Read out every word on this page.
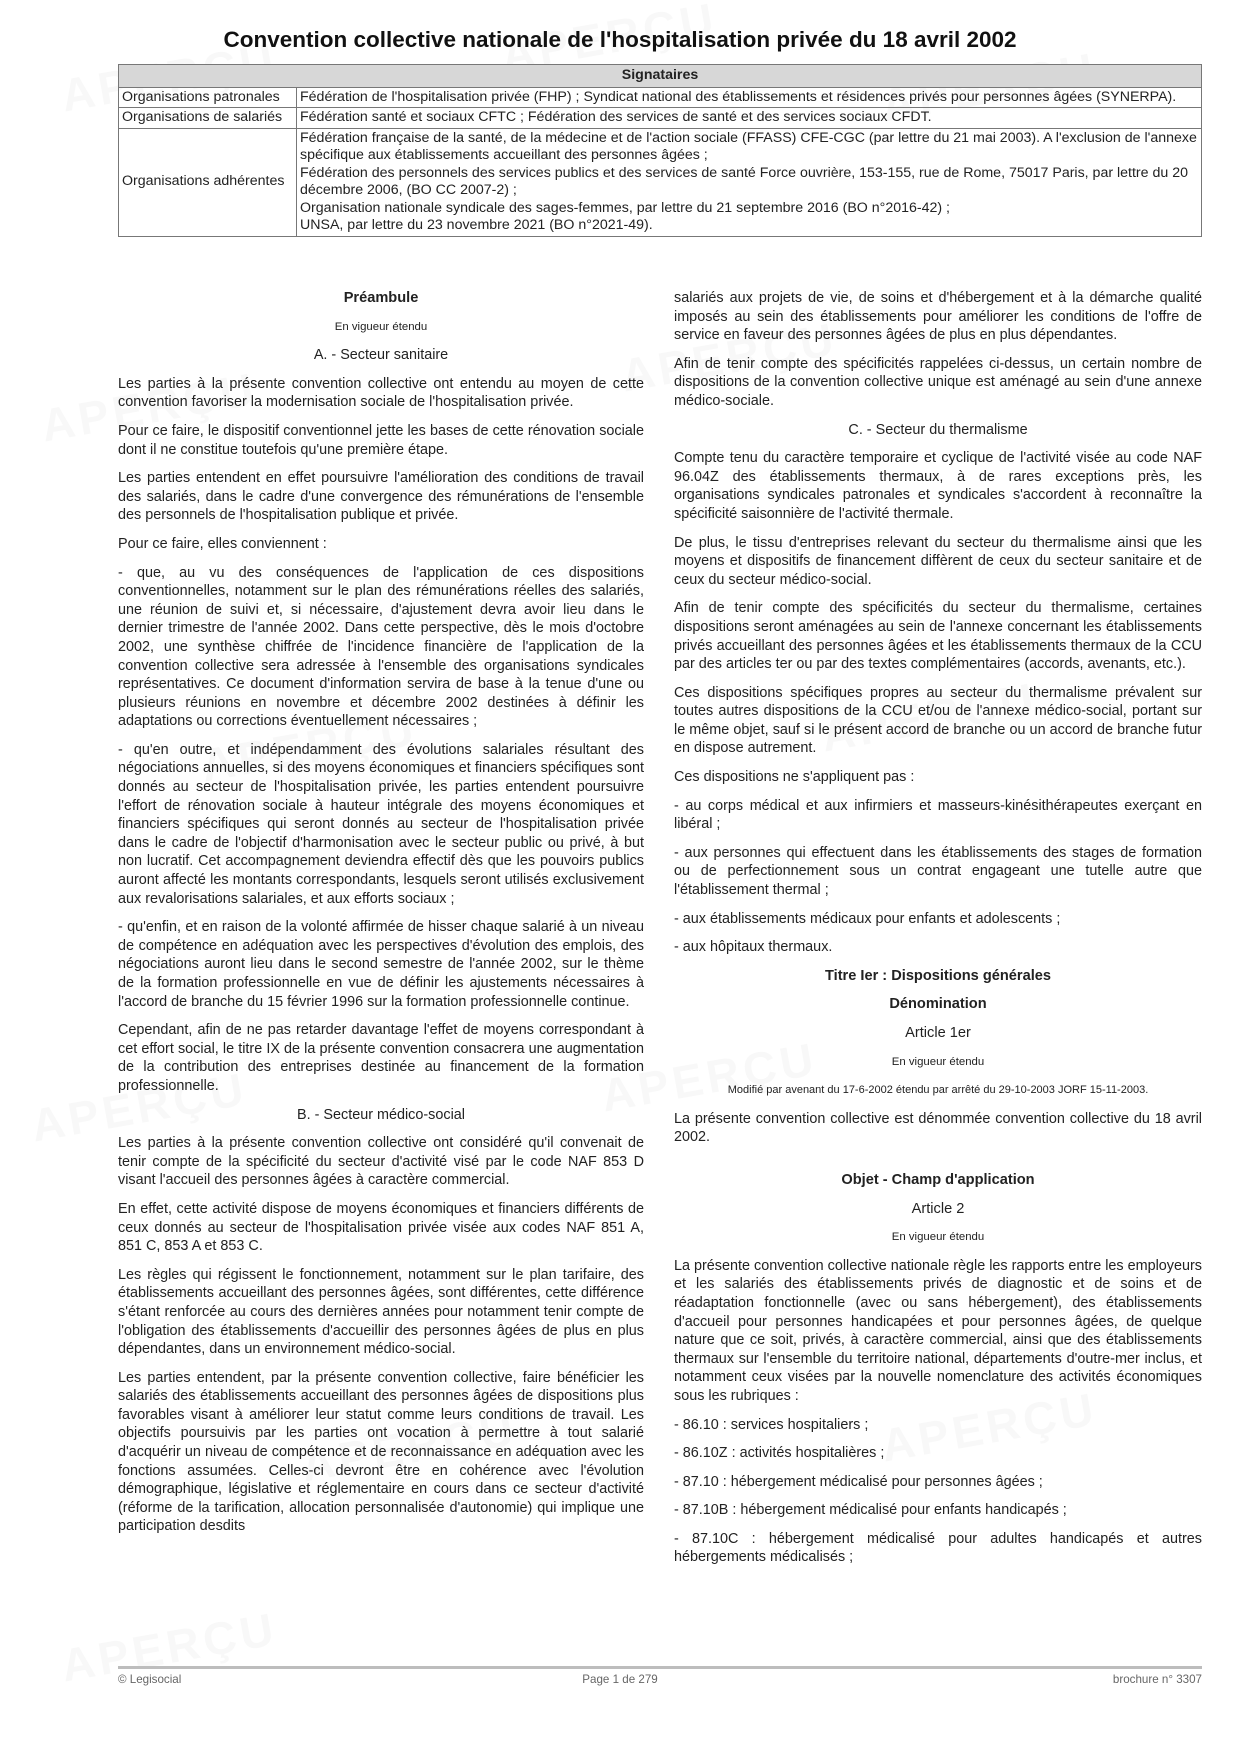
Convention collective nationale de l'hospitalisation privée du 18 avril 2002
Signataires	
Organisations patronales	Fédération de l'hospitalisation privée (FHP) ; Syndicat national des établissements et résidences privés pour personnes âgées (SYNERPA).

Organisations de salariés	Fédération santé et sociaux CFTC ; Fédération des services de santé et des services sociaux CFDT.

Organisations adhérentes	Fédération française de la santé, de la médecine et de l'action sociale (FFASS) CFE-CGC (par lettre du 21 mai 2003). A l'exclusion de l'annexe spécifique aux établissements accueillant des personnes âgées ;
Fédération des personnels des services publics et des services de santé Force ouvrière, 153-155, rue de Rome, 75017 Paris, par lettre du 20 décembre 2006, (BO CC 2007-2) ;
Organisation nationale syndicale des sages-femmes, par lettre du 21 septembre 2016 (BO n°2016-42) ;
UNSA, par lettre du 23 novembre 2021 (BO n°2021-49).

Préambule

En vigueur étendu

A. - Secteur sanitaire

Les parties à la présente convention collective ont entendu au moyen de cette convention favoriser la modernisation sociale de l'hospitalisation privée.

Pour ce faire, le dispositif conventionnel jette les bases de cette rénovation sociale dont il ne constitue toutefois qu'une première étape.

Les parties entendent en effet poursuivre l'amélioration des conditions de travail des salariés, dans le cadre d'une convergence des rémunérations de l'ensemble des personnels de l'hospitalisation publique et privée.

Pour ce faire, elles conviennent :

- que, au vu des conséquences de l'application de ces dispositions conventionnelles, notamment sur le plan des rémunérations réelles des salariés, une réunion de suivi et, si nécessaire, d'ajustement devra avoir lieu dans le dernier trimestre de l'année 2002. Dans cette perspective, dès le mois d'octobre 2002, une synthèse chiffrée de l'incidence financière de l'application de la convention collective sera adressée à l'ensemble des organisations syndicales représentatives. Ce document d'information servira de base à la tenue d'une ou plusieurs réunions en novembre et décembre 2002 destinées à définir les adaptations ou corrections éventuellement nécessaires ;

- qu'en outre, et indépendamment des évolutions salariales résultant des négociations annuelles, si des moyens économiques et financiers spécifiques sont donnés au secteur de l'hospitalisation privée, les parties entendent poursuivre l'effort de rénovation sociale à hauteur intégrale des moyens économiques et financiers spécifiques qui seront donnés au secteur de l'hospitalisation privée dans le cadre de l'objectif d'harmonisation avec le secteur public ou privé, à but non lucratif. Cet accompagnement deviendra effectif dès que les pouvoirs publics auront affecté les montants correspondants, lesquels seront utilisés exclusivement aux revalorisations salariales, et aux efforts sociaux ;

- qu'enfin, et en raison de la volonté affirmée de hisser chaque salarié à un niveau de compétence en adéquation avec les perspectives d'évolution des emplois, des négociations auront lieu dans le second semestre de l'année 2002, sur le thème de la formation professionnelle en vue de définir les ajustements nécessaires à l'accord de branche du 15 février 1996 sur la formation professionnelle continue.

Cependant, afin de ne pas retarder davantage l'effet de moyens correspondant à cet effort social, le titre IX de la présente convention consacrera une augmentation de la contribution des entreprises destinée au financement de la formation professionnelle.

B. - Secteur médico-social

Les parties à la présente convention collective ont considéré qu'il convenait de tenir compte de la spécificité du secteur d'activité visé par le code NAF 853 D visant l'accueil des personnes âgées à caractère commercial.

En effet, cette activité dispose de moyens économiques et financiers différents de ceux donnés au secteur de l'hospitalisation privée visée aux codes NAF 851 A, 851 C, 853 A et 853 C.

Les règles qui régissent le fonctionnement, notamment sur le plan tarifaire, des établissements accueillant des personnes âgées, sont différentes, cette différence s'étant renforcée au cours des dernières années pour notamment tenir compte de l'obligation des établissements d'accueillir des personnes âgées de plus en plus dépendantes, dans un environnement médico-social.

Les parties entendent, par la présente convention collective, faire bénéficier les salariés des établissements accueillant des personnes âgées de dispositions plus favorables visant à améliorer leur statut comme leurs conditions de travail. Les objectifs poursuivis par les parties ont vocation à permettre à tout salarié d'acquérir un niveau de compétence et de reconnaissance en adéquation avec les fonctions assumées. Celles-ci devront être en cohérence avec l'évolution démographique, législative et réglementaire en cours dans ce secteur d'activité (réforme de la tarification, allocation personnalisée d'autonomie) qui implique une participation desdits

salariés aux projets de vie, de soins et d'hébergement et à la démarche qualité imposés au sein des établissements pour améliorer les conditions de l'offre de service en faveur des personnes âgées de plus en plus dépendantes.

Afin de tenir compte des spécificités rappelées ci-dessus, un certain nombre de dispositions de la convention collective unique est aménagé au sein d'une annexe médico-sociale.

C. - Secteur du thermalisme

Compte tenu du caractère temporaire et cyclique de l'activité visée au code NAF 96.04Z des établissements thermaux, à de rares exceptions près, les organisations syndicales patronales et syndicales s'accordent à reconnaître la spécificité saisonnière de l'activité thermale.

De plus, le tissu d'entreprises relevant du secteur du thermalisme ainsi que les moyens et dispositifs de financement diffèrent de ceux du secteur sanitaire et de ceux du secteur médico-social.

Afin de tenir compte des spécificités du secteur du thermalisme, certaines dispositions seront aménagées au sein de l'annexe concernant les établissements privés accueillant des personnes âgées et les établissements thermaux de la CCU par des articles ter ou par des textes complémentaires (accords, avenants, etc.).

Ces dispositions spécifiques propres au secteur du thermalisme prévalent sur toutes autres dispositions de la CCU et/ou de l'annexe médico-social, portant sur le même objet, sauf si le présent accord de branche ou un accord de branche futur en dispose autrement.

Ces dispositions ne s'appliquent pas :

- au corps médical et aux infirmiers et masseurs-kinésithérapeutes exerçant en libéral ;

- aux personnes qui effectuent dans les établissements des stages de formation ou de perfectionnement sous un contrat engageant une tutelle autre que l'établissement thermal ;

- aux établissements médicaux pour enfants et adolescents ;

- aux hôpitaux thermaux.

Titre Ier : Dispositions générales

Dénomination

Article 1er

En vigueur étendu

Modifié par avenant du 17-6-2002 étendu par arrêté du 29-10-2003 JORF 15-11-2003.

La présente convention collective est dénommée convention collective du 18 avril 2002.

Objet - Champ d'application

Article 2

En vigueur étendu

La présente convention collective nationale règle les rapports entre les employeurs et les salariés des établissements privés de diagnostic et de soins et de réadaptation fonctionnelle (avec ou sans hébergement), des établissements d'accueil pour personnes handicapées et pour personnes âgées, de quelque nature que ce soit, privés, à caractère commercial, ainsi que des établissements thermaux sur l'ensemble du territoire national, départements d'outre-mer inclus, et notamment ceux visées par la nouvelle nomenclature des activités économiques sous les rubriques :

- 86.10 : services hospitaliers ;

- 86.10Z : activités hospitalières ;

- 87.10 : hébergement médicalisé pour personnes âgées ;

- 87.10B : hébergement médicalisé pour enfants handicapés ;

- 87.10C : hébergement médicalisé pour adultes handicapés et autres hébergements médicalisés ;

© Legisocial	Page 1 de 279	brochure n° 3307
